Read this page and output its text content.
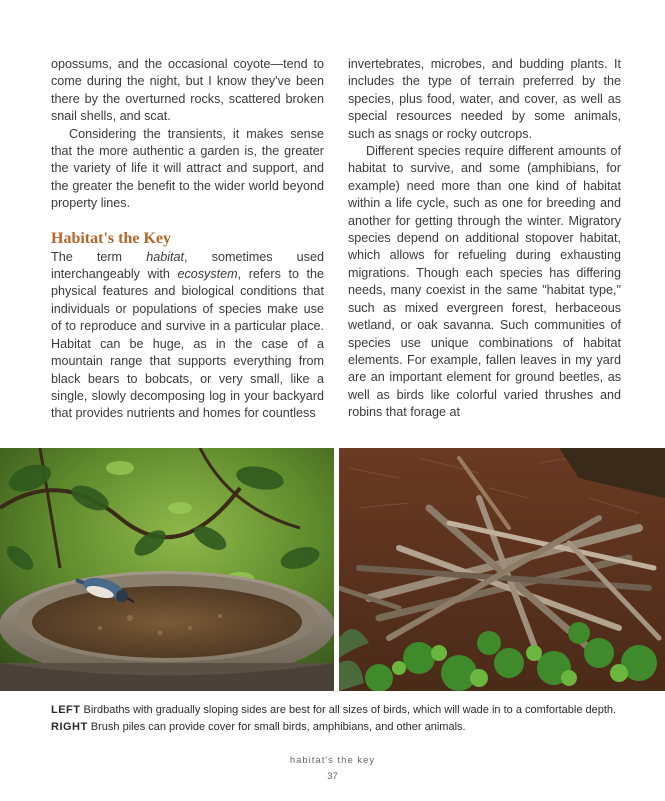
opossums, and the occasional coyote—tend to come during the night, but I know they've been there by the overturned rocks, scattered broken snail shells, and scat.

Considering the transients, it makes sense that the more authentic a garden is, the greater the variety of life it will attract and support, and the greater the benefit to the wider world beyond property lines.

Habitat's the Key

The term habitat, sometimes used interchangeably with ecosystem, refers to the physical features and biological conditions that individuals or populations of species make use of to reproduce and survive in a particular place. Habitat can be huge, as in the case of a mountain range that supports everything from black bears to bobcats, or very small, like a single, slowly decomposing log in your backyard that provides nutrients and homes for countless

invertebrates, microbes, and budding plants. It includes the type of terrain preferred by the species, plus food, water, and cover, as well as special resources needed by some animals, such as snags or rocky outcrops.

Different species require different amounts of habitat to survive, and some (amphibians, for example) need more than one kind of habitat within a life cycle, such as one for breeding and another for getting through the winter. Migratory species depend on additional stopover habitat, which allows for refueling during exhausting migrations. Though each species has differing needs, many coexist in the same "habitat type," such as mixed evergreen forest, herbaceous wetland, or oak savanna. Such communities of species use unique combinations of habitat elements. For example, fallen leaves in my yard are an important element for ground beetles, as well as birds like colorful varied thrushes and robins that forage at

LEFT Birdbaths with gradually sloping sides are best for all sizes of birds, which will wade in to a comfortable depth. RIGHT Brush piles can provide cover for small birds, amphibians, and other animals.
habitat's the key
37
